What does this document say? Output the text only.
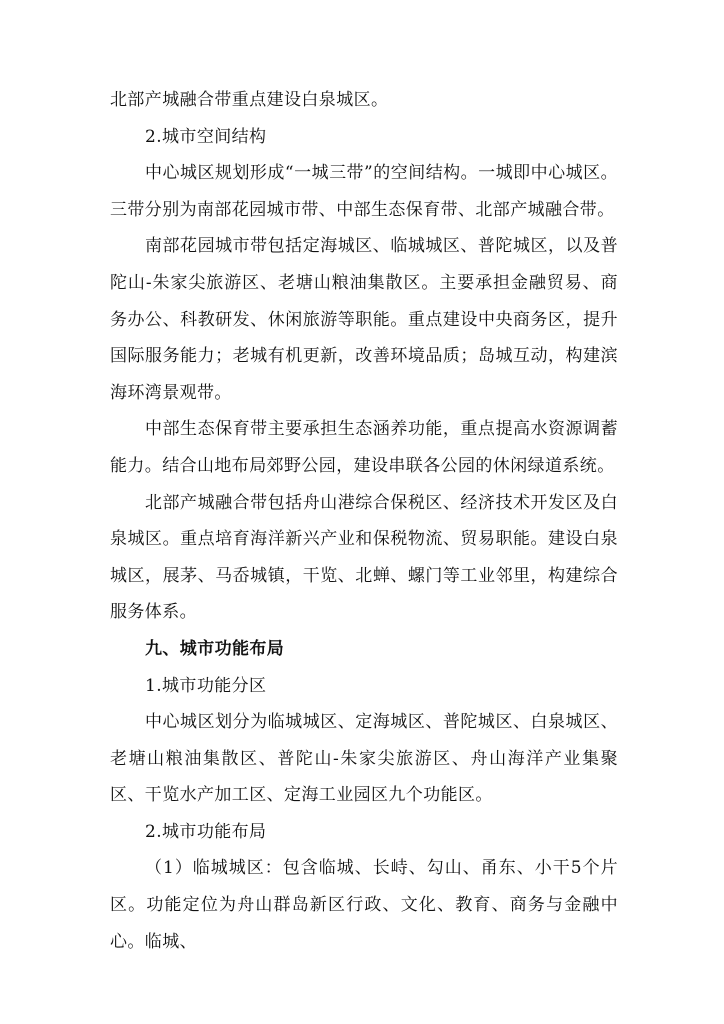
北部产城融合带重点建设白泉城区。

2.城市空间结构

中心城区规划形成“一城三带”的空间结构。一城即中心城区。三带分别为南部花园城市带、中部生态保育带、北部产城融合带。

南部花园城市带包括定海城区、临城城区、普陀城区，以及普陀山-朱家尖旅游区、老塘山粮油集散区。主要承担金融贸易、商务办公、科教研发、休闲旅游等职能。重点建设中央商务区，提升国际服务能力；老城有机更新，改善环境品质；岛城互动，构建滨海环湾景观带。

中部生态保育带主要承担生态涵养功能，重点提高水资源调蓄能力。结合山地布局郊野公园，建设串联各公园的休闲绿道系统。

北部产城融合带包括舟山港综合保税区、经济技术开发区及白泉城区。重点培育海洋新兴产业和保税物流、贸易职能。建设白泉城区，展茅、马岙城镇，干览、北蝉、螺门等工业邻里，构建综合服务体系。

九、城市功能布局

1.城市功能分区

中心城区划分为临城城区、定海城区、普陀城区、白泉城区、老塘山粮油集散区、普陀山-朱家尖旅游区、舟山海洋产业集聚区、干览水产加工区、定海工业园区九个功能区。

2.城市功能布局

（1）临城城区：包含临城、长峙、勾山、甬东、小干5个片区。功能定位为舟山群岛新区行政、文化、教育、商务与金融中心。临城、
